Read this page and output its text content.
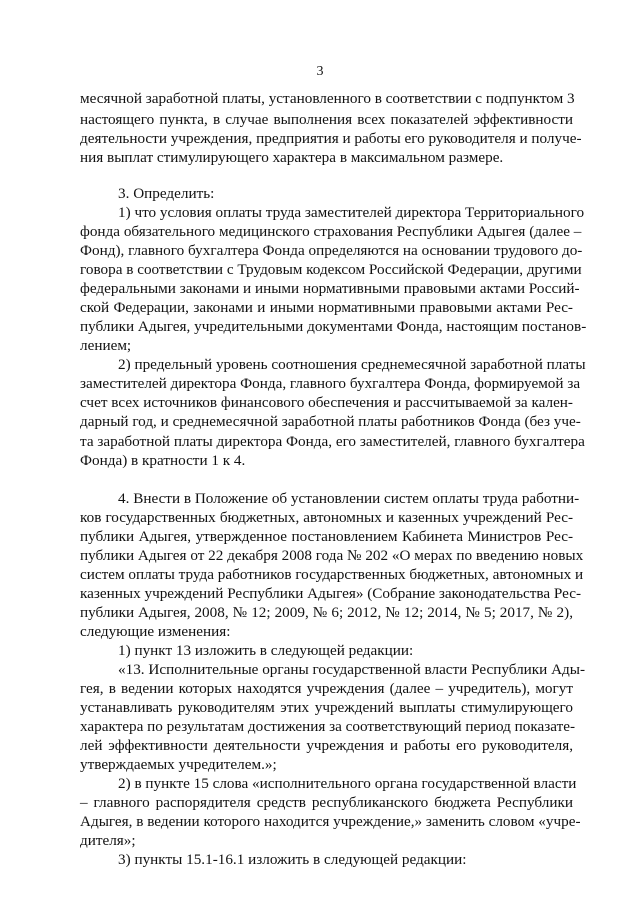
3
месячной заработной платы, установленного в соответствии с подпунктом 3
настоящего пункта, в случае выполнения всех показателей эффективности
деятельности учреждения, предприятия и работы его руководителя и получе-
ния выплат стимулирующего характера в максимальном размере.
3. Определить:
1) что условия оплаты труда заместителей директора Территориального
фонда обязательного медицинского страхования Республики Адыгея (далее –
Фонд), главного бухгалтера Фонда определяются на основании трудового до-
говора в соответствии с Трудовым кодексом Российской Федерации, другими
федеральными законами и иными нормативными правовыми актами Россий-
ской Федерации, законами и иными нормативными правовыми актами Рес-
публики Адыгея, учредительными документами Фонда, настоящим постанов-
лением;
2) предельный уровень соотношения среднемесячной заработной платы
заместителей директора Фонда, главного бухгалтера Фонда, формируемой за
счет всех источников финансового обеспечения и рассчитываемой за кален-
дарный год, и среднемесячной заработной платы работников Фонда (без уче-
та заработной платы директора Фонда, его заместителей, главного бухгалтера
Фонда) в кратности 1 к 4.
4. Внести в Положение об установлении систем оплаты труда работни-
ков государственных бюджетных, автономных и казенных учреждений Рес-
публики Адыгея, утвержденное постановлением Кабинета Министров Рес-
публики Адыгея от 22 декабря 2008 года № 202 «О мерах по введению новых
систем оплаты труда работников государственных бюджетных, автономных и
казенных учреждений Республики Адыгея» (Собрание законодательства Рес-
публики Адыгея, 2008, № 12; 2009, № 6; 2012, № 12; 2014, № 5; 2017, № 2),
следующие изменения:
1) пункт 13 изложить в следующей редакции:
«13. Исполнительные органы государственной власти Республики Ады-
гея, в ведении которых находятся учреждения (далее – учредитель), могут
устанавливать руководителям этих учреждений выплаты стимулирующего
характера по результатам достижения за соответствующий период показате-
лей эффективности деятельности учреждения и работы его руководителя,
утверждаемых учредителем.»;
2) в пункте 15 слова «исполнительного органа государственной власти
– главного распорядителя средств республиканского бюджета Республики
Адыгея, в ведении которого находится учреждение,» заменить словом «учре-
дителя»;
3) пункты 15.1-16.1 изложить в следующей редакции:
